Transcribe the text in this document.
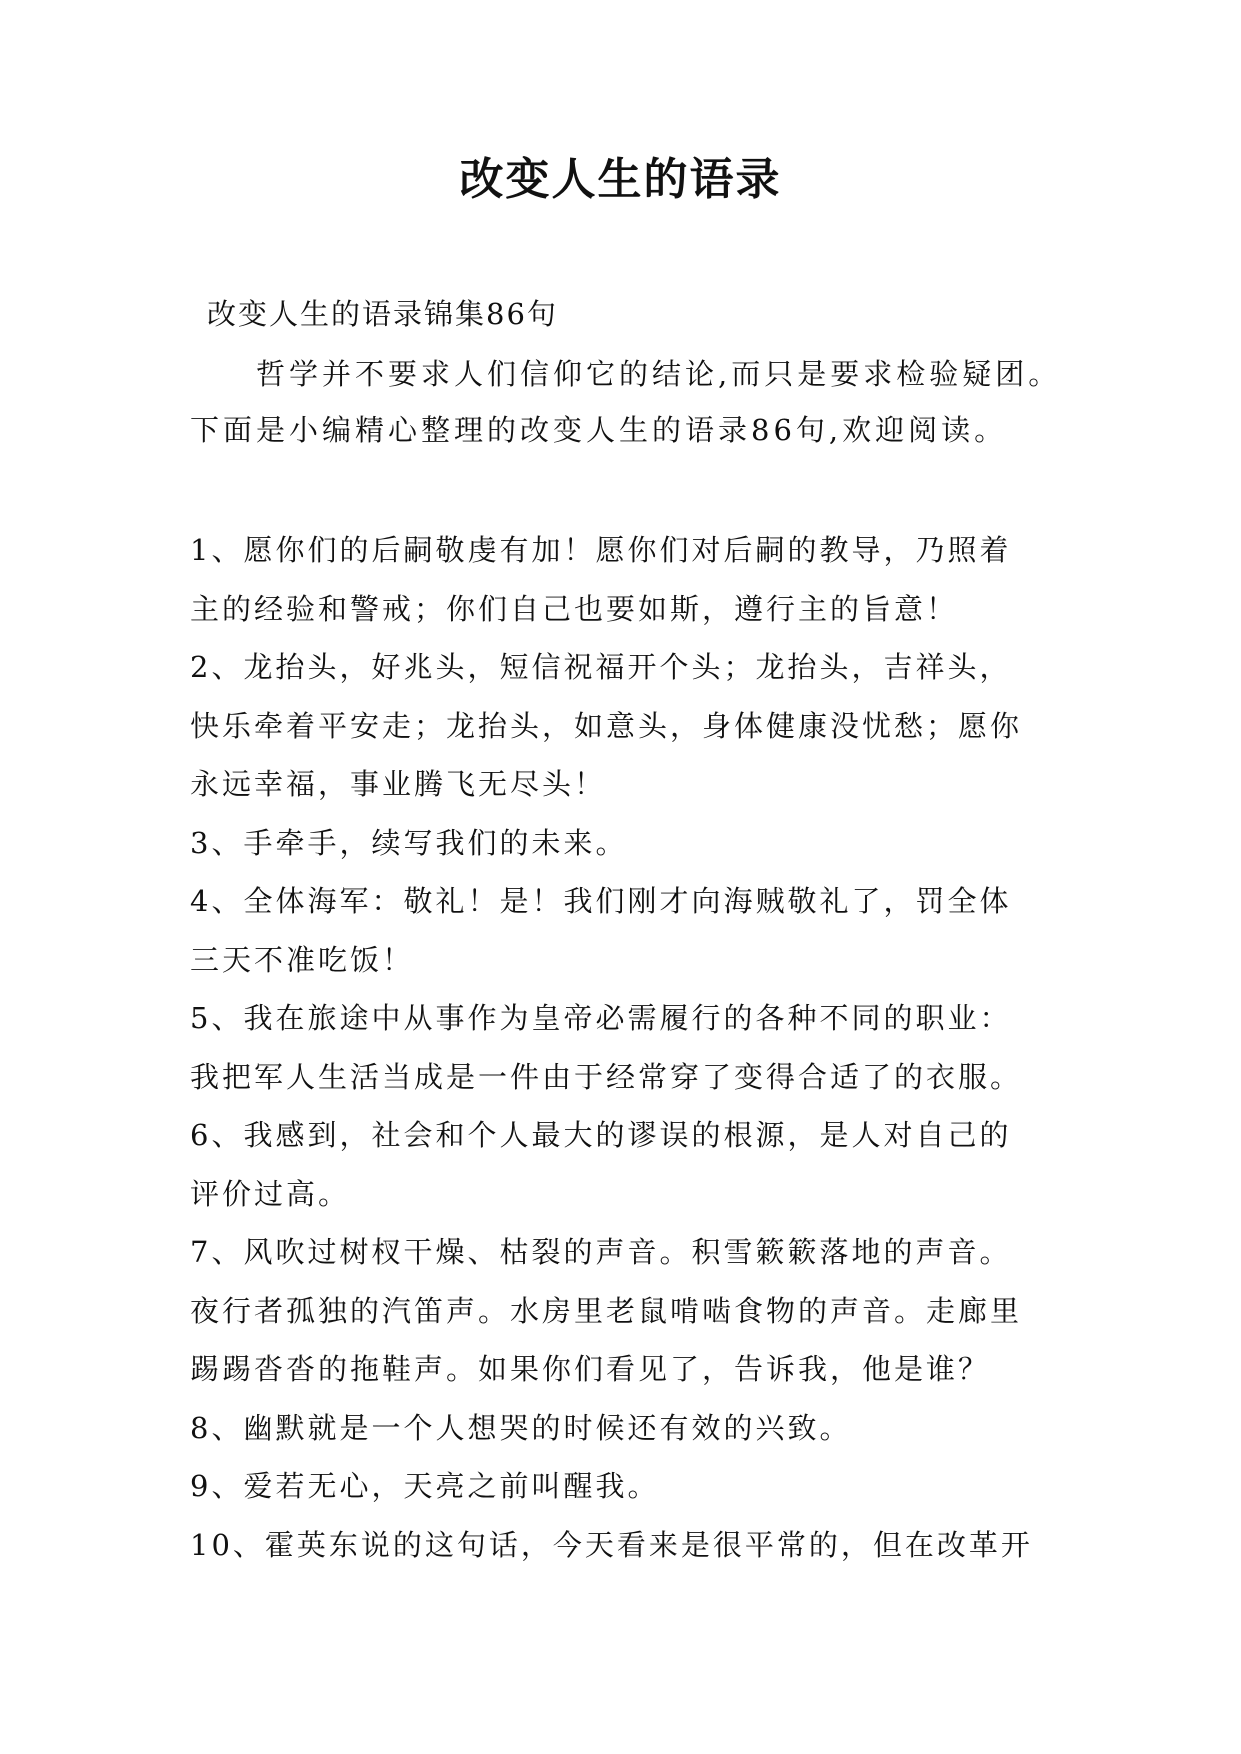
改变人生的语录
改变人生的语录锦集86句

　　哲学并不要求人们信仰它的结论,而只是要求检验疑团。

下面是小编精心整理的改变人生的语录86句,欢迎阅读。

1、愿你们的后嗣敬虔有加！愿你们对后嗣的教导，乃照着

主的经验和警戒；你们自己也要如斯，遵行主的旨意！

2、龙抬头，好兆头，短信祝福开个头；龙抬头，吉祥头，

快乐牵着平安走；龙抬头，如意头，身体健康没忧愁；愿你

永远幸福，事业腾飞无尽头！

3、手牵手，续写我们的未来。

4、全体海军：敬礼！是！我们刚才向海贼敬礼了，罚全体

三天不准吃饭！

5、我在旅途中从事作为皇帝必需履行的各种不同的职业：

我把军人生活当成是一件由于经常穿了变得合适了的衣服。

6、我感到，社会和个人最大的谬误的根源，是人对自己的

评价过高。

7、风吹过树杈干燥、枯裂的声音。积雪簌簌落地的声音。

夜行者孤独的汽笛声。水房里老鼠啃啮食物的声音。走廊里

踢踢沓沓的拖鞋声。如果你们看见了，告诉我，他是谁？

8、幽默就是一个人想哭的时候还有效的兴致。

9、爱若无心，天亮之前叫醒我。

10、霍英东说的这句话，今天看来是很平常的，但在改革开
